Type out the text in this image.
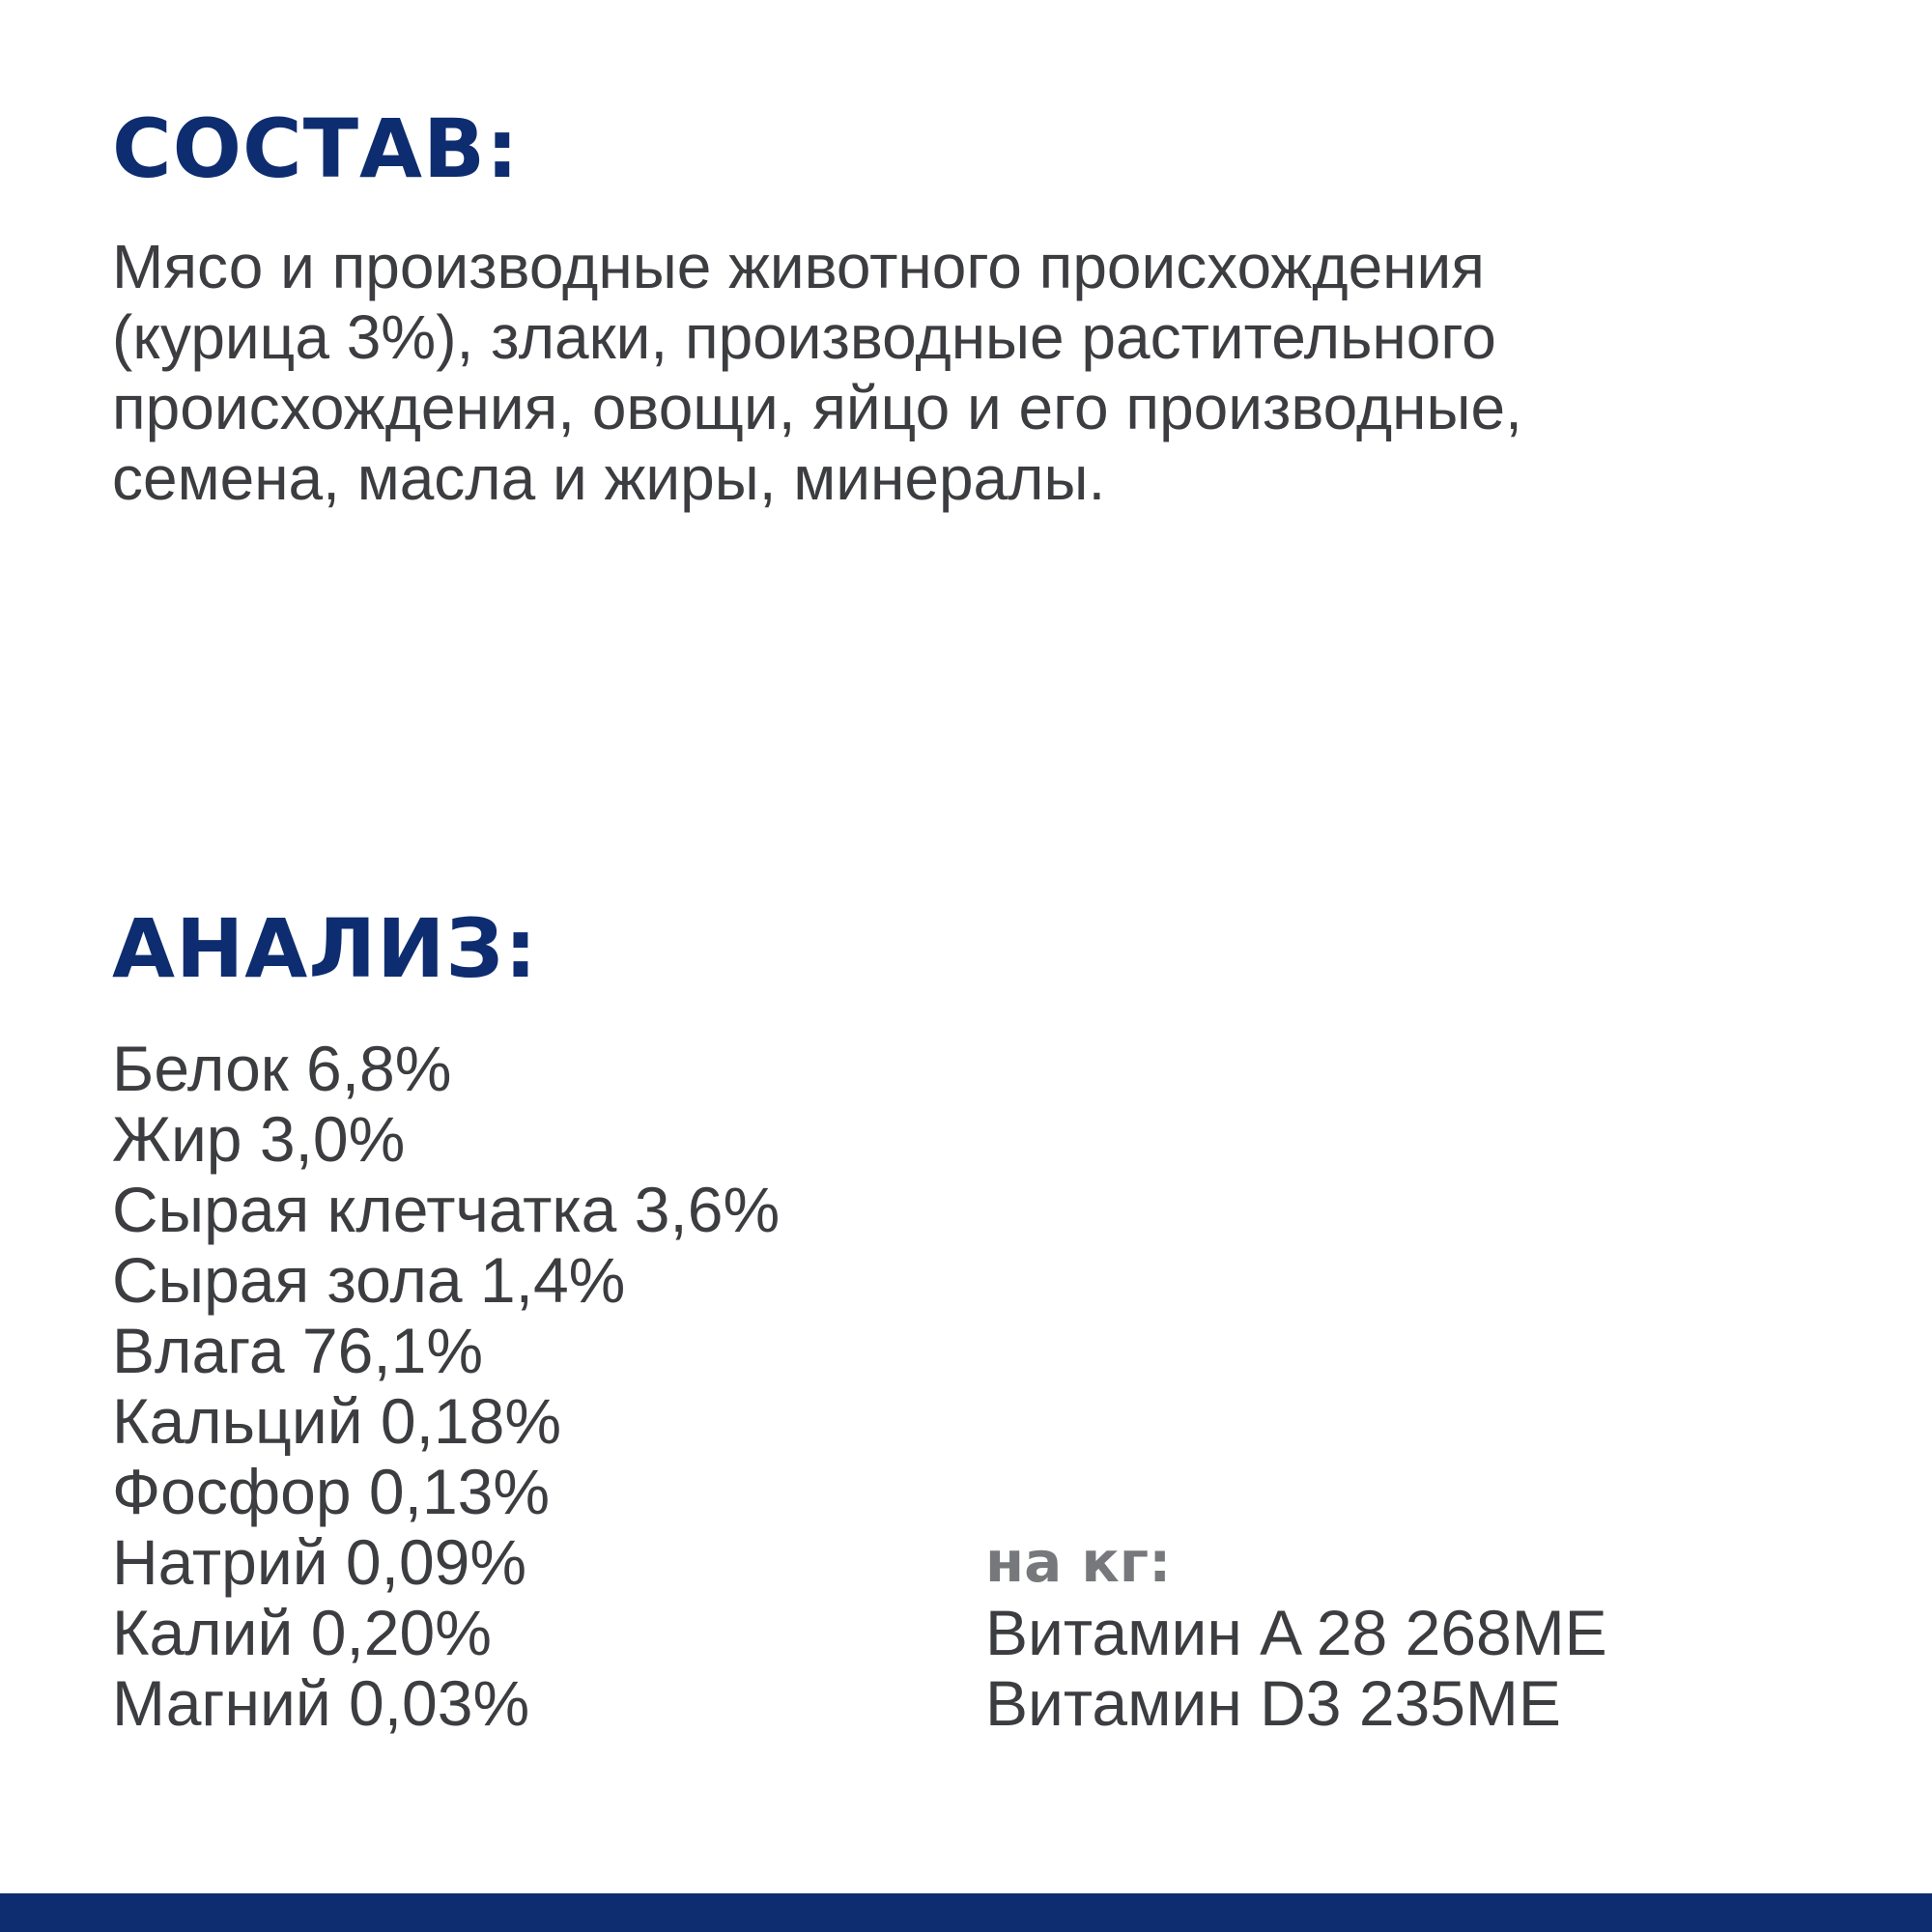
СОСТАВ:

Мясо и производные животного происхождения
(курица 3%), злаки, производные растительного
происхождения, овощи, яйцо и его производные,
семена, масла и жиры, минералы.

АНАЛИЗ:
Белок 6,8%
Жир 3,0%
Сырая клетчатка 3,6%
Сырая зола 1,4%
Влага 76,1%
Кальций 0,18%
Фосфор 0,13%
Натрий 0,09%
Калий 0,20%
Магний 0,03%
на кг:
Витамин A 28 268МЕ
Витамин D3 235МЕ
